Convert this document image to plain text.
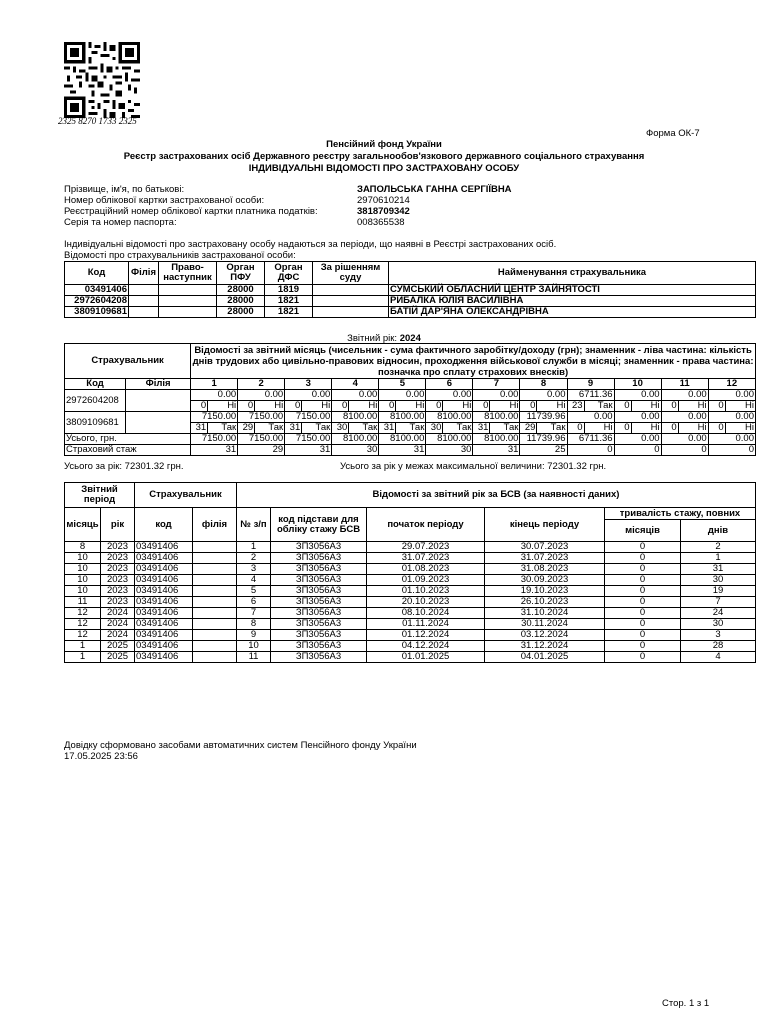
2325 8270 1733 2325
Форма ОК-7
Пенсійний фонд України
Реєстр застрахованих осіб Державного реєстру загальнообов'язкового державного соціального страхування
ІНДИВІДУАЛЬНІ ВІДОМОСТІ ПРО ЗАСТРАХОВАНУ ОСОБУ
Прізвище, ім'я, по батькові:	ЗАПОЛЬСЬКА ГАННА СЕРГІЇВНА
Номер облікової картки застрахованої особи:	2970610214
Реєстраційний номер облікової картки платника податків:	3818709342
Серія та номер паспорта:	008365538
Індивідуальні відомості про застраховану особу надаються за періоди, що наявні в Реєстрі застрахованих осіб.
Відомості про страхувальників застрахованої особи:
Код	Філія	Право-наступник	Орган ПФУ	Орган ДФС	За рішенням суду	Найменування страхувальника
03491406			28000	1819		СУМСЬКИЙ ОБЛАСНИЙ ЦЕНТР ЗАЙНЯТОСТІ
2972604208			28000	1821		РИБАЛКА ЮЛІЯ ВАСИЛІВНА
3809109681			28000	1821		БАТІЙ ДАР'ЯНА ОЛЕКСАНДРІВНА
Звітний рік: 2024
Страхувальник		Відомості за звітний місяць (чисельник - сума фактичного заробітку/доходу (грн); знаменник - ліва частина: кількість днів трудових або цивільно-правових відносин, проходження військової служби в місяці; знаменник - права частина: позначка про сплату страхових внесків)																							
Код	Філія	1		2		3		4		5		6		7		8		9		10		11		12	
2972604208		0.00		0.00		0.00		0.00		0.00		0.00		0.00		0.00		6711.36		0.00		0.00		0.00	
		0	Ні	0	Ні	0	Ні	0	Ні	0	Ні	0	Ні	0	Ні	0	Ні	23	Так	0	Ні	0	Ні	0	Ні
3809109681		7150.00		7150.00		7150.00		8100.00		8100.00		8100.00		8100.00		11739.96		0.00		0.00		0.00		0.00	
		31	Так	29	Так	31	Так	30	Так	31	Так	30	Так	31	Так	29	Так	0	Ні	0	Ні	0	Ні	0	Ні
Усього, грн.		7150.00		7150.00		7150.00		8100.00		8100.00		8100.00		8100.00		11739.96		6711.36		0.00		0.00		0.00	
Страховий стаж		31		29		31		30		31		30		31		25		0		0		0		0	
Усього за рік: 72301.32 грн.	Усього за рік у межах максимальної величини: 72301.32 грн.
Звітний період		Страхувальник		Відомості за звітний рік за БСВ (за наявності даних)					
місяць	рік	код	філія	№ з/п	код підстави для обліку стажу БСВ	початок періоду	кінець періоду	тривалість стажу, повних	
								місяців	днів
8	2023	03491406		1	ЗП3056А3	29.07.2023	30.07.2023	0	2
10	2023	03491406		2	ЗП3056А3	31.07.2023	31.07.2023	0	1
10	2023	03491406		3	ЗП3056А3	01.08.2023	31.08.2023	0	31
10	2023	03491406		4	ЗП3056А3	01.09.2023	30.09.2023	0	30
10	2023	03491406		5	ЗП3056А3	01.10.2023	19.10.2023	0	19
11	2023	03491406		6	ЗП3056А3	20.10.2023	26.10.2023	0	7
12	2024	03491406		7	ЗП3056А3	08.10.2024	31.10.2024	0	24
12	2024	03491406		8	ЗП3056А3	01.11.2024	30.11.2024	0	30
12	2024	03491406		9	ЗП3056А3	01.12.2024	03.12.2024	0	3
1	2025	03491406		10	ЗП3056А3	04.12.2024	31.12.2024	0	28
1	2025	03491406		11	ЗП3056А3	01.01.2025	04.01.2025	0	4
Довідку сформовано засобами автоматичних систем Пенсійного фонду України
17.05.2025 23:56
Стор. 1 з 1
